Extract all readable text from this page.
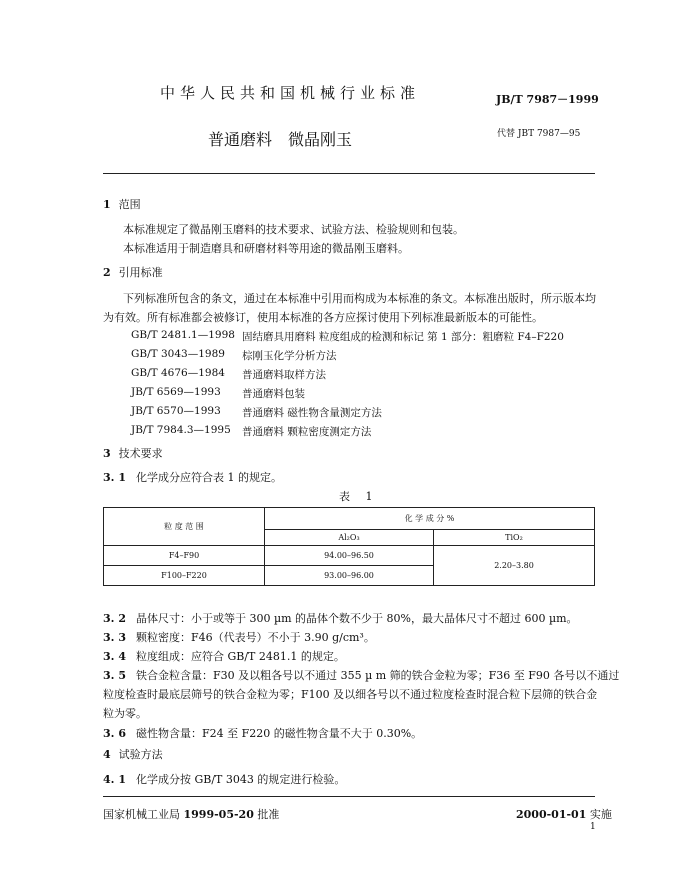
中华人民共和国机械行业标准	JB/T 7987－1999
普通磨料 微晶刚玉	代替 JBT 7987—95
1 范围
本标准规定了微晶刚玉磨料的技术要求、试验方法、检验规则和包装。
本标准适用于制造磨具和研磨材料等用途的微晶刚玉磨料。
2 引用标准
下列标准所包含的条文，通过在本标准中引用而构成为本标准的条文。本标准出版时，所示版本均
为有效。所有标准都会被修订，使用本标准的各方应探讨使用下列标准最新版本的可能性。
GB/T 2481.1—1998 固结磨具用磨料 粒度组成的检测和标记 第 1 部分：粗磨粒 F4–F220
GB/T 3043—1989 棕刚玉化学分析方法
GB/T 4676—1984 普通磨料取样方法
JB/T 6569—1993 普通磨料包装
JB/T 6570—1993 普通磨料 磁性物含量测定方法
JB/T 7984.3—1995 普通磨料 颗粒密度测定方法
3 技术要求
3. 1 化学成分应符合表 1 的规定。
表 1
粒 度 范 围	化 学 成 分 %	
	Al₂O₃	TiO₂
F4–F90	94.00–96.50	2.20–3.80
F100–F220	93.00–96.00	
3. 2 晶体尺寸：小于或等于 300 µm 的晶体个数不少于 80%，最大晶体尺寸不超过 600 µm。
3. 3 颗粒密度：F46（代表号）不小于 3.90 g/cm³。
3. 4 粒度组成：应符合 GB/T 2481.1 的规定。
3. 5 铁合金粒含量：F30 及以粗各号以不通过 355 µ m 筛的铁合金粒为零；F36 至 F90 各号以不通过
粒度检查时最底层筛号的铁合金粒为零；F100 及以细各号以不通过粒度检查时混合粒下层筛的铁合金
粒为零。
3. 6 磁性物含量：F24 至 F220 的磁性物含量不大于 0.30%。
4 试验方法
4. 1 化学成分按 GB/T 3043 的规定进行检验。
国家机械工业局 1999-05-20 批准	2000-01-01 实施
1
